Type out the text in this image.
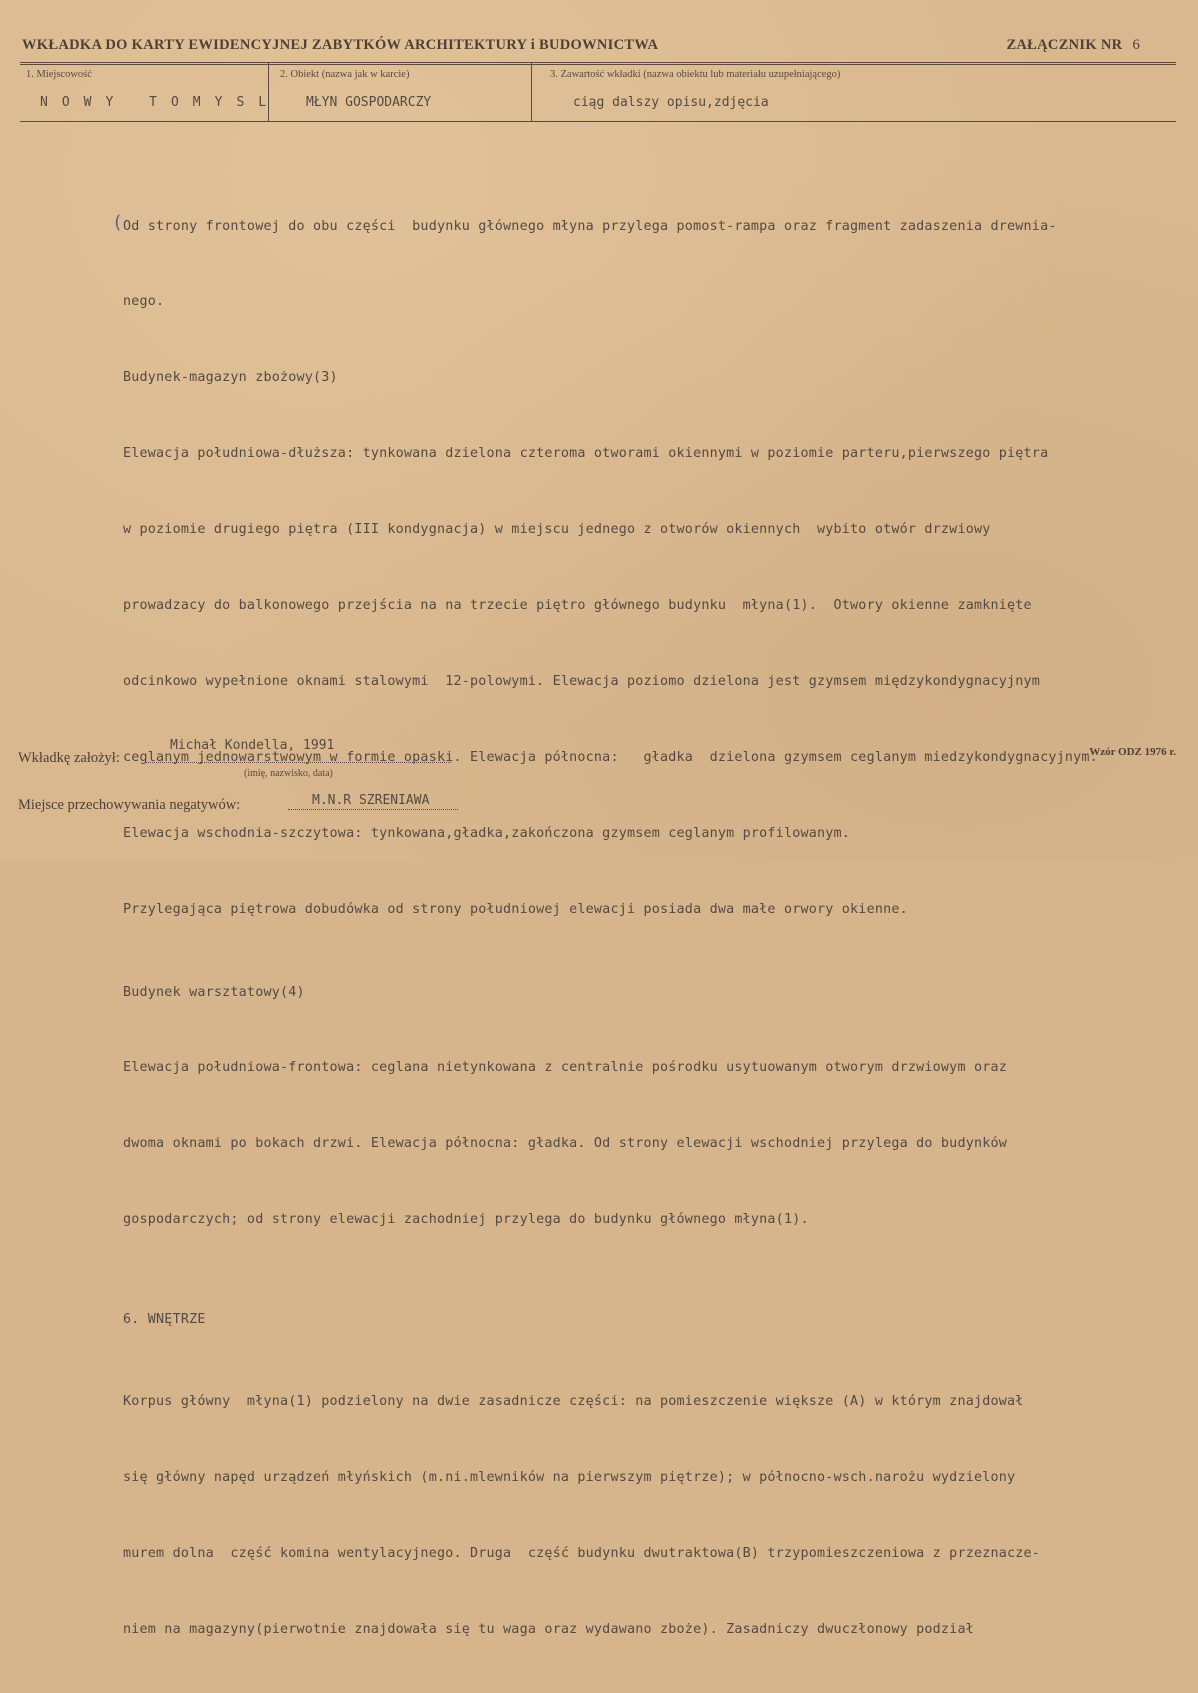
WKŁADKA DO KARTY EWIDENCYJNEJ ZABYTKÓW ARCHITEKTURY i BUDOWNICTWA	ZAŁĄCZNIK NR 6
1. Miejscowość
NOWY TOMYSL
2. Obiekt (nazwa jak w karcie)
MŁYN GOSPODARCZY
3. Zawartość wkładki (nazwa obiektu lub materiału uzupełniającego)
ciąg dalszy opisu,zdjęcia
(

Od strony frontowej do obu części  budynku głównego młyna przylega pomost-rampa oraz fragment zadaszenia drewnia-

nego.

Budynek-magazyn zbożowy(3)

Elewacja południowa-dłuższa: tynkowana dzielona czteroma otworami okiennymi w poziomie parteru,pierwszego piętra

w poziomie drugiego piętra (III kondygnacja) w miejscu jednego z otworów okiennych  wybito otwór drzwiowy

prowadzacy do balkonowego przejścia na na trzecie piętro głównego budynku  młyna(1).  Otwory okienne zamknięte

odcinkowo wypełnione oknami stalowymi  12-polowymi. Elewacja poziomo dzielona jest gzymsem międzykondygnacyjnym

ceglanym jednowarstwowym w formie opaski. Elewacja północna:   gładka  dzielona gzymsem ceglanym miedzykondygnacyjnym.

Elewacja wschodnia-szczytowa: tynkowana,gładka,zakończona gzymsem ceglanym profilowanym.

Przylegająca piętrowa dobudówka od strony południowej elewacji posiada dwa małe orwory okienne.

Budynek warsztatowy(4)

Elewacja południowa-frontowa: ceglana nietynkowana z centralnie pośrodku usytuowanym otworym drzwiowym oraz

dwoma oknami po bokach drzwi. Elewacja północna: gładka. Od strony elewacji wschodniej przylega do budynków

gospodarczych; od strony elewacji zachodniej przylega do budynku głównego młyna(1).

6. WNĘTRZE

Korpus główny  młyna(1) podzielony na dwie zasadnicze części: na pomieszczenie większe (A) w którym znajdował

się główny napęd urządzeń młyńskich (m.ni.mlewników na pierwszym piętrze); w północno-wsch.narożu wydzielony

murem dolna  część komina wentylacyjnego. Druga  część budynku dwutraktowa(B) trzypomieszczeniowa z przeznacze-

niem na magazyny(pierwotnie znajdowała się tu waga oraz wydawano zboże). Zasadniczy dwuczłonowy podział

Wkładkę założył:
Michał Kondella, 1991
(imię, nazwisko, data)
Miejsce przechowywania negatywów:	M.N.R SZRENIAWA
Wzór ODZ 1976 r.
